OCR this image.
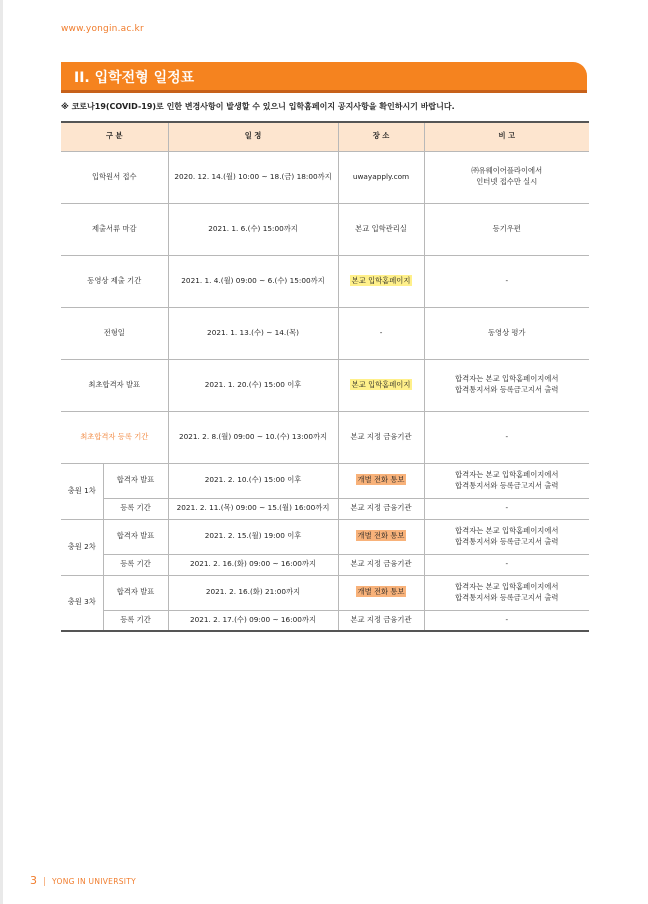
www.yongin.ac.kr
II. 입학전형 일정표
※ 코로나19(COVID-19)로 인한 변경사항이 발생할 수 있으니 입학홈페이지 공지사항을 확인하시기 바랍니다.
구 분		일 정	장 소	비 고
입학원서 접수		2020. 12. 14.(월) 10:00 ~ 18.(금) 18:00까지	uwayapply.com	㈜유웨이어플라이에서
인터넷 접수만 실시
제출서류 마감		2021. 1. 6.(수) 15:00까지	본교 입학관리실	등기우편
동영상 제출 기간		2021. 1. 4.(월) 09:00 ~ 6.(수) 15:00까지	본교 입학홈페이지	-
전형일		2021. 1. 13.(수) ~ 14.(목)	-	동영상 평가
최초합격자 발표		2021. 1. 20.(수) 15:00 이후	본교 입학홈페이지	합격자는 본교 입학홈페이지에서
합격통지서와 등록금고지서 출력
최초합격자 등록 기간		2021. 2. 8.(월) 09:00 ~ 10.(수) 13:00까지	본교 지정 금융기관	-
충원 1차	합격자 발표	2021. 2. 10.(수) 15:00 이후	개별 전화 통보	합격자는 본교 입학홈페이지에서
합격통지서와 등록금고지서 출력
	등록 기간	2021. 2. 11.(목) 09:00 ~ 15.(월) 16:00까지	본교 지정 금융기관	-
충원 2차	합격자 발표	2021. 2. 15.(월) 19:00 이후	개별 전화 통보	합격자는 본교 입학홈페이지에서
합격통지서와 등록금고지서 출력
	등록 기간	2021. 2. 16.(화) 09:00 ~ 16:00까지	본교 지정 금융기관	-
충원 3차	합격자 발표	2021. 2. 16.(화) 21:00까지	개별 전화 통보	합격자는 본교 입학홈페이지에서
합격통지서와 등록금고지서 출력
	등록 기간	2021. 2. 17.(수) 09:00 ~ 16:00까지	본교 지정 금융기관	-
3 | YONG IN UNIVERSITY
